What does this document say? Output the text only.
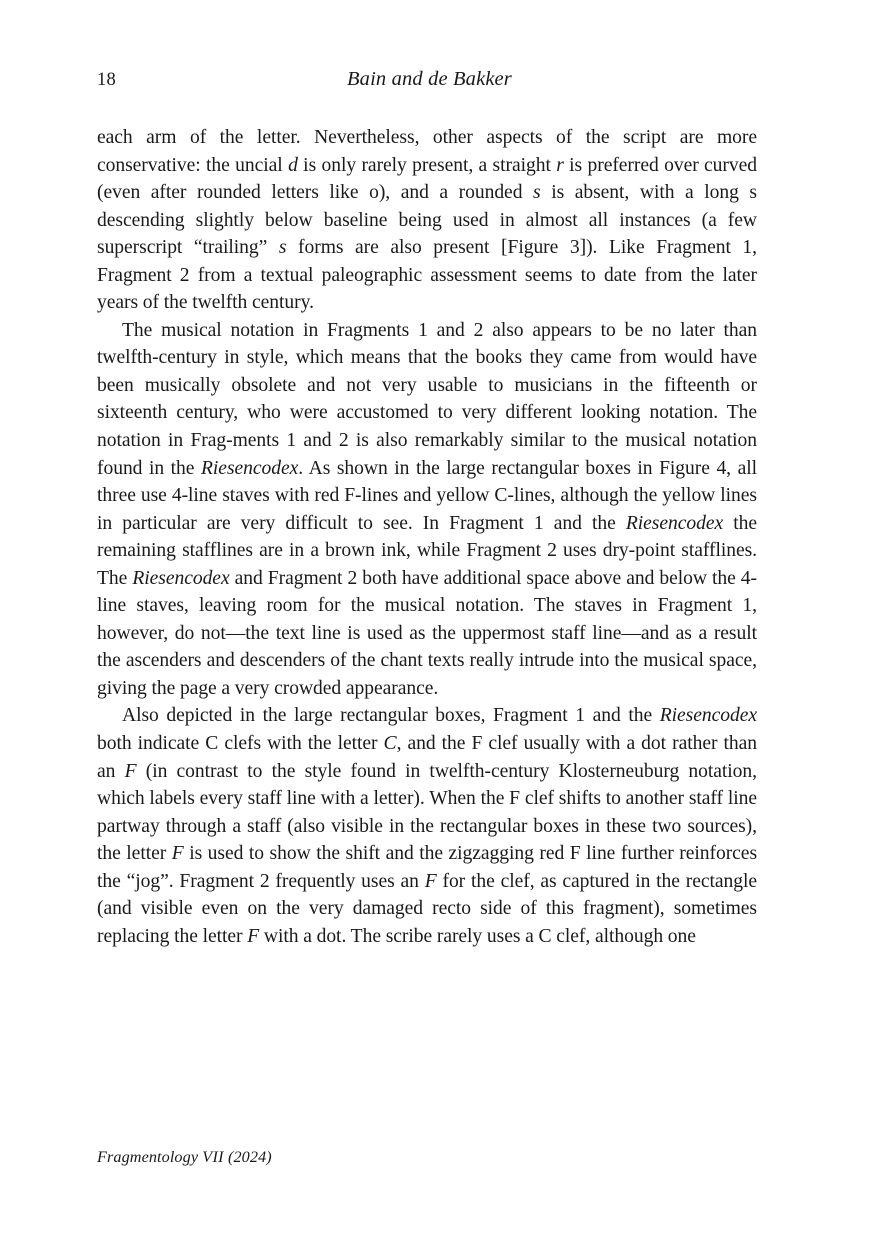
18	Bain and de Bakker

each arm of the letter. Nevertheless, other aspects of the script are more conservative: the uncial d is only rarely present, a straight r is preferred over curved (even after rounded letters like o), and a rounded s is absent, with a long s descending slightly below baseline being used in almost all instances (a few superscript “trailing” s forms are also present [Figure 3]). Like Fragment 1, Fragment 2 from a textual paleographic assessment seems to date from the later years of the twelfth century.

The musical notation in Fragments 1 and 2 also appears to be no later than twelfth-century in style, which means that the books they came from would have been musically obsolete and not very usable to musicians in the fifteenth or sixteenth century, who were accustomed to very different looking notation. The notation in Frag-ments 1 and 2 is also remarkably similar to the musical notation found in the Riesencodex. As shown in the large rectangular boxes in Figure 4, all three use 4-line staves with red F-lines and yellow C-lines, although the yellow lines in particular are very difficult to see. In Fragment 1 and the Riesencodex the remaining stafflines are in a brown ink, while Fragment 2 uses dry-point stafflines. The Riesencodex and Fragment 2 both have additional space above and below the 4-line staves, leaving room for the musical notation. The staves in Fragment 1, however, do not—the text line is used as the uppermost staff line—and as a result the ascenders and descenders of the chant texts really intrude into the musical space, giving the page a very crowded appearance.

Also depicted in the large rectangular boxes, Fragment 1 and the Riesencodex both indicate C clefs with the letter C, and the F clef usually with a dot rather than an F (in contrast to the style found in twelfth-century Klosterneuburg notation, which labels every staff line with a letter). When the F clef shifts to another staff line partway through a staff (also visible in the rectangular boxes in these two sources), the letter F is used to show the shift and the zigzagging red F line further reinforces the “jog”. Fragment 2 frequently uses an F for the clef, as captured in the rectangle (and visible even on the very damaged recto side of this fragment), sometimes replacing the letter F with a dot. The scribe rarely uses a C clef, although one

Fragmentology VII (2024)
